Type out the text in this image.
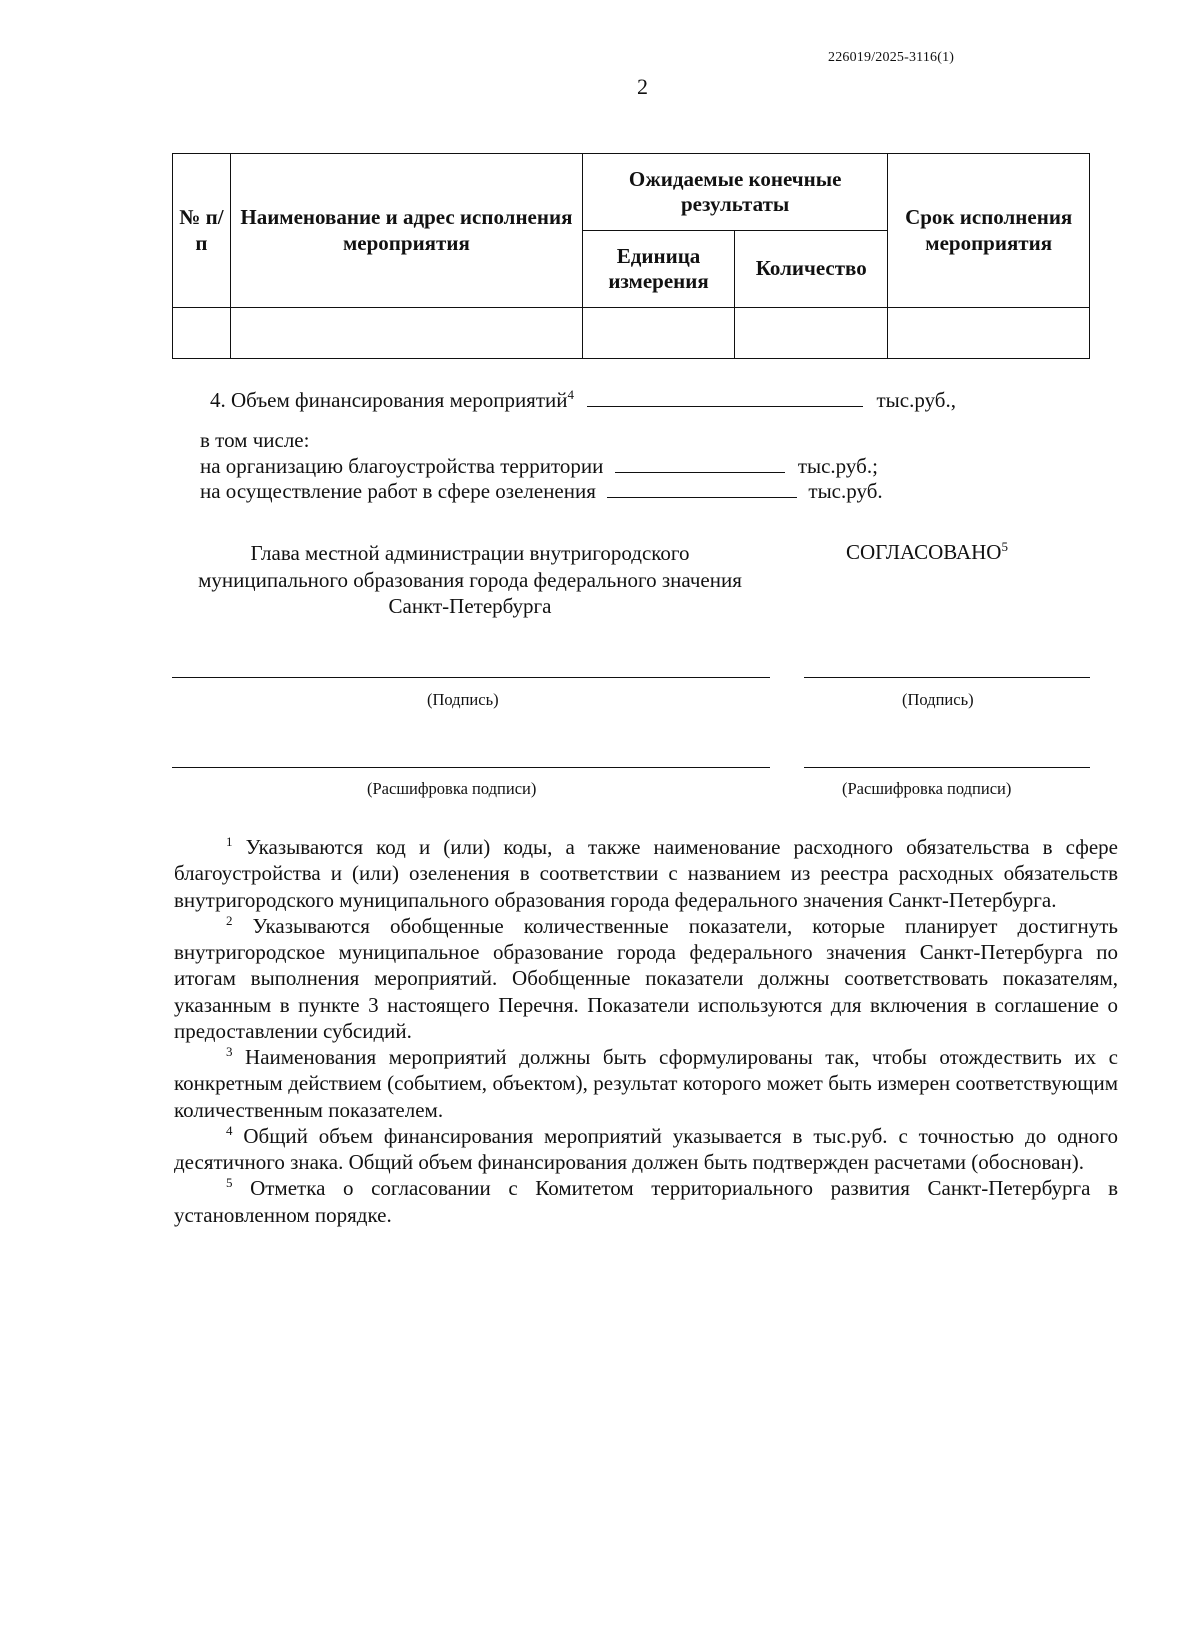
226019/2025-3116(1)
2
№ п/п	Наименование и адрес исполнения мероприятия	Ожидаемые конечные результаты		Срок исполнения мероприятия
		Единица измерения	Количество	

4. Объем финансирования мероприятий$^4$	тыс.руб.,
в том числе:
на организацию благоустройства территории	тыс.руб.;
на осуществление работ в сфере озеленения	тыс.руб.
Глава местной администрации внутригородского муниципального образования города федерального значения Санкт-Петербурга
СОГЛАСОВАНО$^5$
(Подпись)	(Подпись)
(Расшифровка подписи)	(Расшифровка подписи)

$^1$ Указываются код и (или) коды, а также наименование расходного обязательства в сфере благоустройства и (или) озеленения в соответствии с названием из реестра расходных обязательств внутригородского муниципального образования города федерального значения Санкт-Петербурга.

$^2$ Указываются обобщенные количественные показатели, которые планирует достигнуть внутригородское муниципальное образование города федерального значения Санкт-Петербурга по итогам выполнения мероприятий. Обобщенные показатели должны соответствовать показателям, указанным в пункте 3 настоящего Перечня. Показатели используются для включения в соглашение о предоставлении субсидий.

$^3$ Наименования мероприятий должны быть сформулированы так, чтобы отождествить их с конкретным действием (событием, объектом), результат которого может быть измерен соответствующим количественным показателем.

$^4$ Общий объем финансирования мероприятий указывается в тыс.руб. с точностью до одного десятичного знака. Общий объем финансирования должен быть подтвержден расчетами (обоснован).

$^5$ Отметка о согласовании с Комитетом территориального развития Санкт-Петербурга в установленном порядке.
